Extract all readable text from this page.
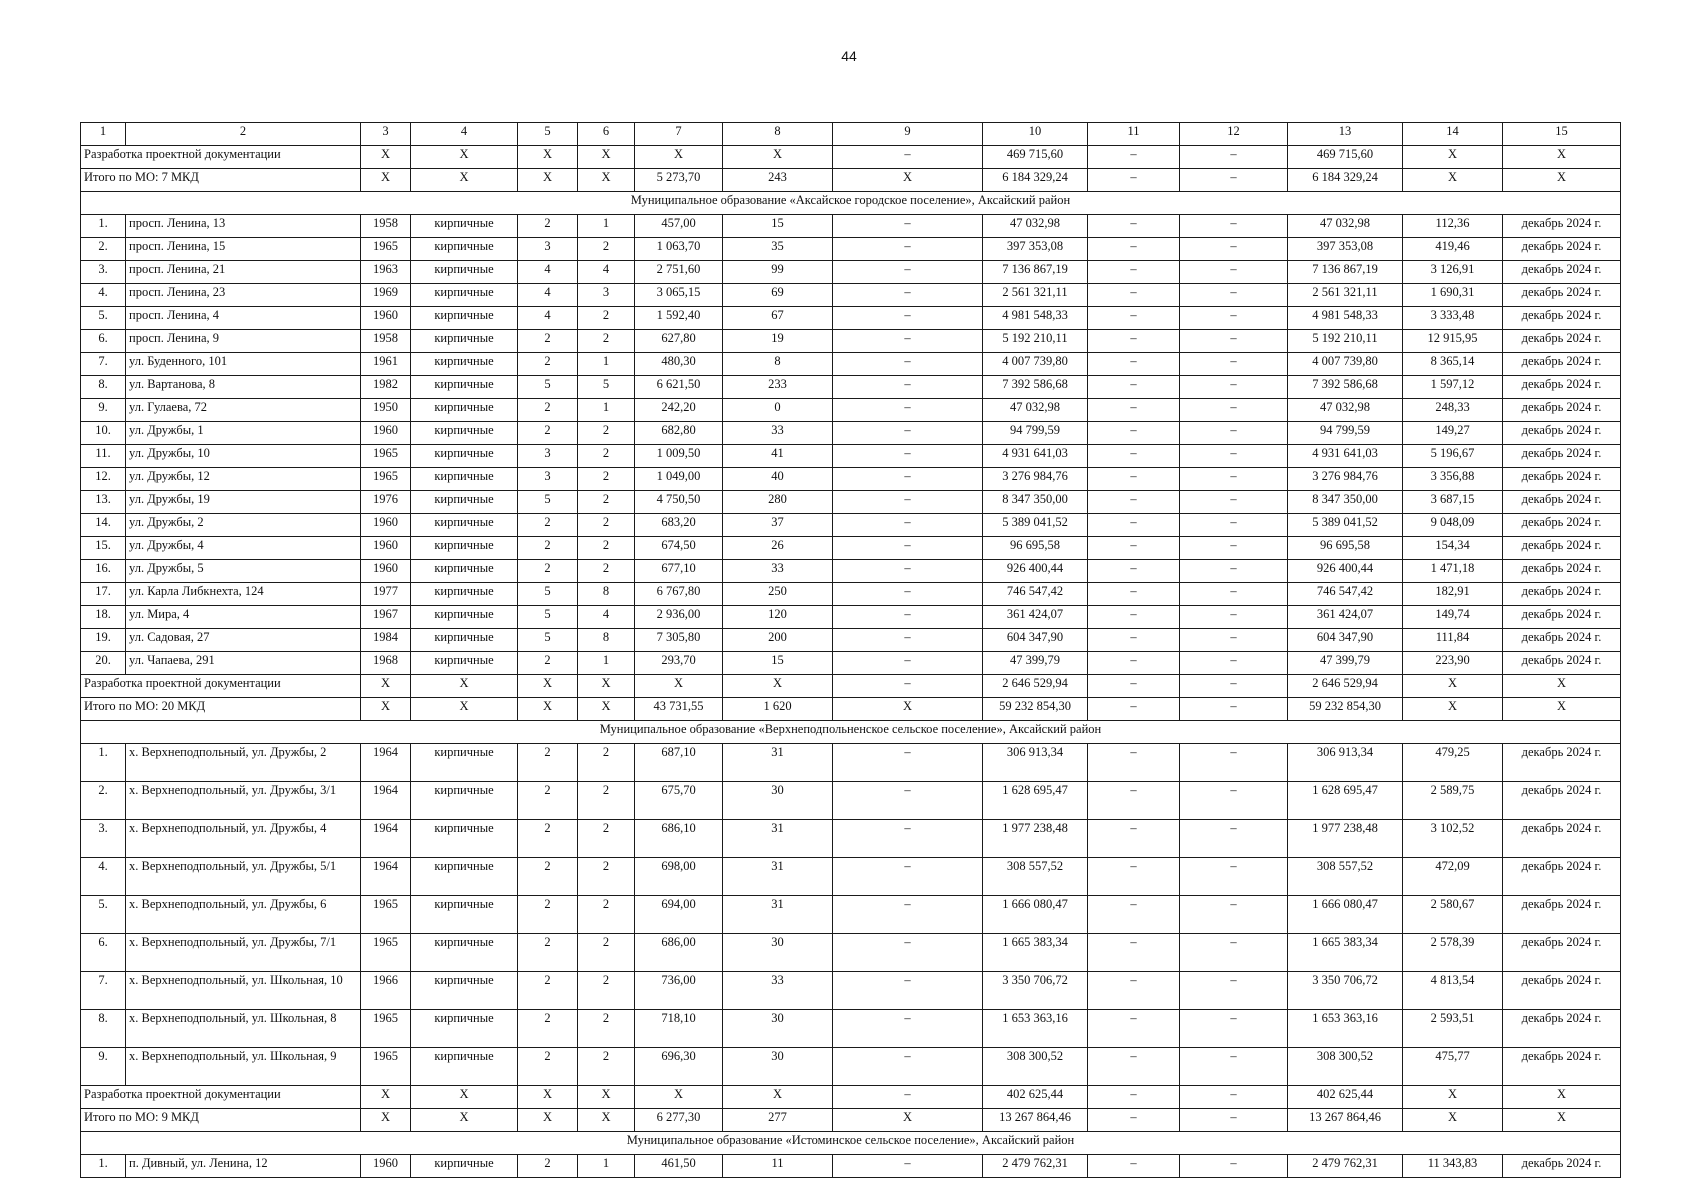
44
1	2	3	4	5	6	7	8	9	10	11	12	13	14	15
Разработка проектной документации		Х	Х	Х	Х	Х	Х	–	469 715,60	–	–	469 715,60	Х	Х
Итого по МО: 7 МКД		Х	Х	Х	Х	5 273,70	243	Х	6 184 329,24	–	–	6 184 329,24	Х	Х
Муниципальное образование «Аксайское городское поселение», Аксайский район														
1.	просп. Ленина, 13	1958	кирпичные	2	1	457,00	15	–	47 032,98	–	–	47 032,98	112,36	декабрь 2024 г.
2.	просп. Ленина, 15	1965	кирпичные	3	2	1 063,70	35	–	397 353,08	–	–	397 353,08	419,46	декабрь 2024 г.
3.	просп. Ленина, 21	1963	кирпичные	4	4	2 751,60	99	–	7 136 867,19	–	–	7 136 867,19	3 126,91	декабрь 2024 г.
4.	просп. Ленина, 23	1969	кирпичные	4	3	3 065,15	69	–	2 561 321,11	–	–	2 561 321,11	1 690,31	декабрь 2024 г.
5.	просп. Ленина, 4	1960	кирпичные	4	2	1 592,40	67	–	4 981 548,33	–	–	4 981 548,33	3 333,48	декабрь 2024 г.
6.	просп. Ленина, 9	1958	кирпичные	2	2	627,80	19	–	5 192 210,11	–	–	5 192 210,11	12 915,95	декабрь 2024 г.
7.	ул. Буденного, 101	1961	кирпичные	2	1	480,30	8	–	4 007 739,80	–	–	4 007 739,80	8 365,14	декабрь 2024 г.
8.	ул. Вартанова, 8	1982	кирпичные	5	5	6 621,50	233	–	7 392 586,68	–	–	7 392 586,68	1 597,12	декабрь 2024 г.
9.	ул. Гулаева, 72	1950	кирпичные	2	1	242,20	0	–	47 032,98	–	–	47 032,98	248,33	декабрь 2024 г.
10.	ул. Дружбы, 1	1960	кирпичные	2	2	682,80	33	–	94 799,59	–	–	94 799,59	149,27	декабрь 2024 г.
11.	ул. Дружбы, 10	1965	кирпичные	3	2	1 009,50	41	–	4 931 641,03	–	–	4 931 641,03	5 196,67	декабрь 2024 г.
12.	ул. Дружбы, 12	1965	кирпичные	3	2	1 049,00	40	–	3 276 984,76	–	–	3 276 984,76	3 356,88	декабрь 2024 г.
13.	ул. Дружбы, 19	1976	кирпичные	5	2	4 750,50	280	–	8 347 350,00	–	–	8 347 350,00	3 687,15	декабрь 2024 г.
14.	ул. Дружбы, 2	1960	кирпичные	2	2	683,20	37	–	5 389 041,52	–	–	5 389 041,52	9 048,09	декабрь 2024 г.
15.	ул. Дружбы, 4	1960	кирпичные	2	2	674,50	26	–	96 695,58	–	–	96 695,58	154,34	декабрь 2024 г.
16.	ул. Дружбы, 5	1960	кирпичные	2	2	677,10	33	–	926 400,44	–	–	926 400,44	1 471,18	декабрь 2024 г.
17.	ул. Карла Либкнехта, 124	1977	кирпичные	5	8	6 767,80	250	–	746 547,42	–	–	746 547,42	182,91	декабрь 2024 г.
18.	ул. Мира, 4	1967	кирпичные	5	4	2 936,00	120	–	361 424,07	–	–	361 424,07	149,74	декабрь 2024 г.
19.	ул. Садовая, 27	1984	кирпичные	5	8	7 305,80	200	–	604 347,90	–	–	604 347,90	111,84	декабрь 2024 г.
20.	ул. Чапаева, 291	1968	кирпичные	2	1	293,70	15	–	47 399,79	–	–	47 399,79	223,90	декабрь 2024 г.
Разработка проектной документации		Х	Х	Х	Х	Х	Х	–	2 646 529,94	–	–	2 646 529,94	Х	Х
Итого по МО: 20 МКД		Х	Х	Х	Х	43 731,55	1 620	Х	59 232 854,30	–	–	59 232 854,30	Х	Х
Муниципальное образование «Верхнеподпольненское сельское поселение», Аксайский район														
1.	х. Верхнеподпольный, ул. Дружбы, 2	1964	кирпичные	2	2	687,10	31	–	306 913,34	–	–	306 913,34	479,25	декабрь 2024 г.
2.	х. Верхнеподпольный, ул. Дружбы, 3/1	1964	кирпичные	2	2	675,70	30	–	1 628 695,47	–	–	1 628 695,47	2 589,75	декабрь 2024 г.
3.	х. Верхнеподпольный, ул. Дружбы, 4	1964	кирпичные	2	2	686,10	31	–	1 977 238,48	–	–	1 977 238,48	3 102,52	декабрь 2024 г.
4.	х. Верхнеподпольный, ул. Дружбы, 5/1	1964	кирпичные	2	2	698,00	31	–	308 557,52	–	–	308 557,52	472,09	декабрь 2024 г.
5.	х. Верхнеподпольный, ул. Дружбы, 6	1965	кирпичные	2	2	694,00	31	–	1 666 080,47	–	–	1 666 080,47	2 580,67	декабрь 2024 г.
6.	х. Верхнеподпольный, ул. Дружбы, 7/1	1965	кирпичные	2	2	686,00	30	–	1 665 383,34	–	–	1 665 383,34	2 578,39	декабрь 2024 г.
7.	х. Верхнеподпольный, ул. Школьная, 10	1966	кирпичные	2	2	736,00	33	–	3 350 706,72	–	–	3 350 706,72	4 813,54	декабрь 2024 г.
8.	х. Верхнеподпольный, ул. Школьная, 8	1965	кирпичные	2	2	718,10	30	–	1 653 363,16	–	–	1 653 363,16	2 593,51	декабрь 2024 г.
9.	х. Верхнеподпольный, ул. Школьная, 9	1965	кирпичные	2	2	696,30	30	–	308 300,52	–	–	308 300,52	475,77	декабрь 2024 г.
Разработка проектной документации		Х	Х	Х	Х	Х	Х	–	402 625,44	–	–	402 625,44	Х	Х
Итого по МО: 9 МКД		Х	Х	Х	Х	6 277,30	277	Х	13 267 864,46	–	–	13 267 864,46	Х	Х
Муниципальное образование «Истоминское сельское поселение», Аксайский район														
1.	п. Дивный, ул. Ленина, 12	1960	кирпичные	2	1	461,50	11	–	2 479 762,31	–	–	2 479 762,31	11 343,83	декабрь 2024 г.
